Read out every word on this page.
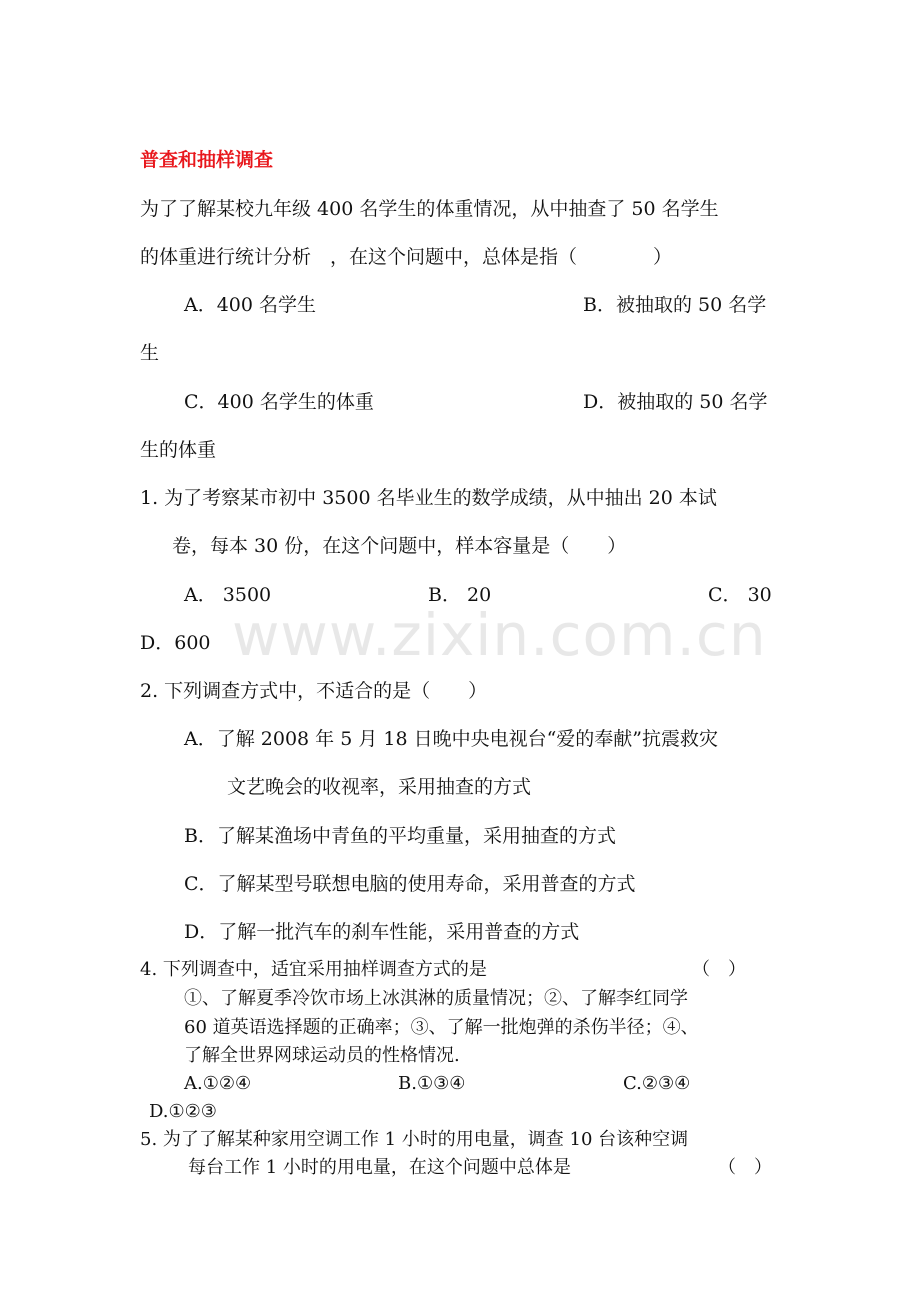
普查和抽样调查
为了了解某校九年级 400 名学生的体重情况，从中抽查了 50 名学生
的体重进行统计分析　，在这个问题中，总体是指（　　　　）
A．400 名学生	B．被抽取的 50 名学
生
C．400 名学生的体重	D．被抽取的 50 名学
生的体重
1. 为了考察某市初中 3500 名毕业生的数学成绩，从中抽出 20 本试
卷，每本 30 份，在这个问题中，样本容量是（　　）
A． 3500	B． 20	C． 30
D．600 www.zixin.com.cn
2. 下列调查方式中，不适合的是（　　）
A．了解 2008 年 5 月 18 日晚中央电视台“爱的奉献”抗震救灾
文艺晚会的收视率，采用抽查的方式
B．了解某渔场中青鱼的平均重量，采用抽查的方式
C．了解某型号联想电脑的使用寿命，采用普查的方式
D．了解一批汽车的刹车性能，采用普查的方式
4. 下列调查中，适宜采用抽样调查方式的是	（　）
①、了解夏季冷饮市场上冰淇淋的质量情况；②、了解李红同学
60 道英语选择题的正确率；③、了解一批炮弹的杀伤半径；④、
了解全世界网球运动员的性格情况.
A.①②④	B.①③④	C.②③④
D.①②③
5. 为了了解某种家用空调工作 1 小时的用电量，调查 10 台该种空调
每台工作 1 小时的用电量，在这个问题中总体是	（　）
